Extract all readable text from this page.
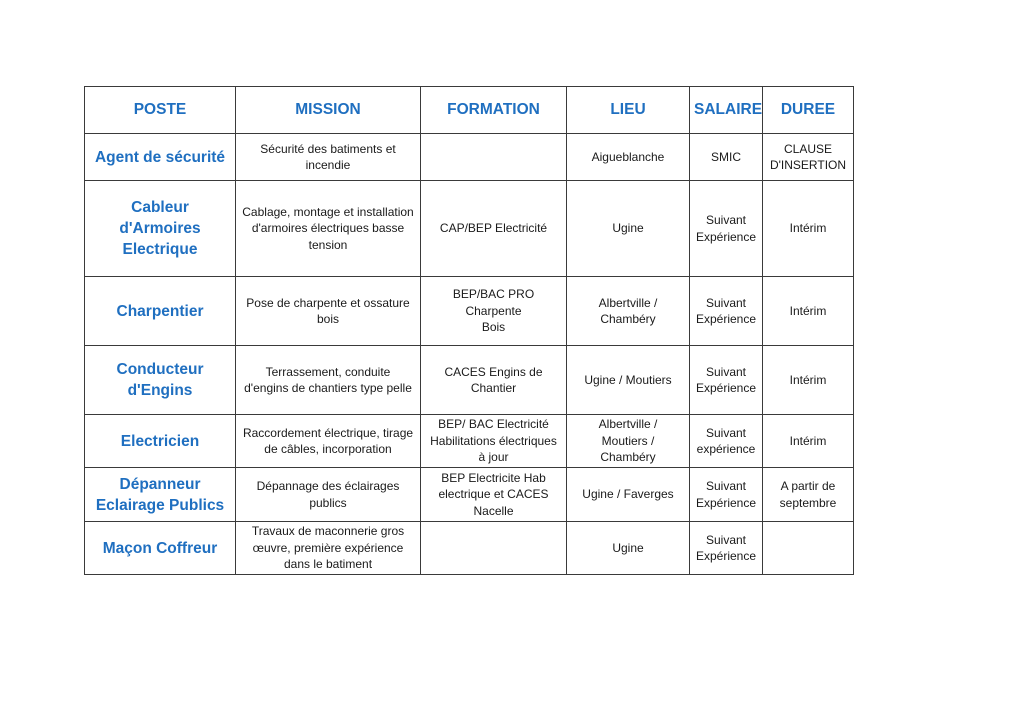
POSTE	MISSION	FORMATION	LIEU	SALAIRE	DUREE

Agent de sécurité	Sécurité des batiments et
incendie		Aigueblanche	SMIC	CLAUSE
D'INSERTION

Cableur d'Armoires
Electrique	Cablage, montage et installation
d'armoires électriques basse
tension	CAP/BEP Electricité	Ugine	Suivant
Expérience	Intérim

Charpentier	Pose de charpente et ossature
bois	BEP/BAC PRO Charpente
Bois	Albertville /
Chambéry	Suivant
Expérience	Intérim

Conducteur
d'Engins	Terrassement, conduite
d'engins de chantiers type pelle	CACES Engins de
Chantier	Ugine / Moutiers	Suivant
Expérience	Intérim

Electricien	Raccordement électrique, tirage
de câbles, incorporation	BEP/ BAC Electricité
Habilitations électriques
à jour	Albertville /
Moutiers /
Chambéry	Suivant
expérience	Intérim

Dépanneur
Eclairage Publics	Dépannage des éclairages
publics	BEP Electricite Hab
electrique et CACES
Nacelle	Ugine / Faverges	Suivant
Expérience	A partir de
septembre

Maçon Coffreur	Travaux de maconnerie gros
œuvre, première expérience
dans le batiment		Ugine	Suivant
Expérience	
